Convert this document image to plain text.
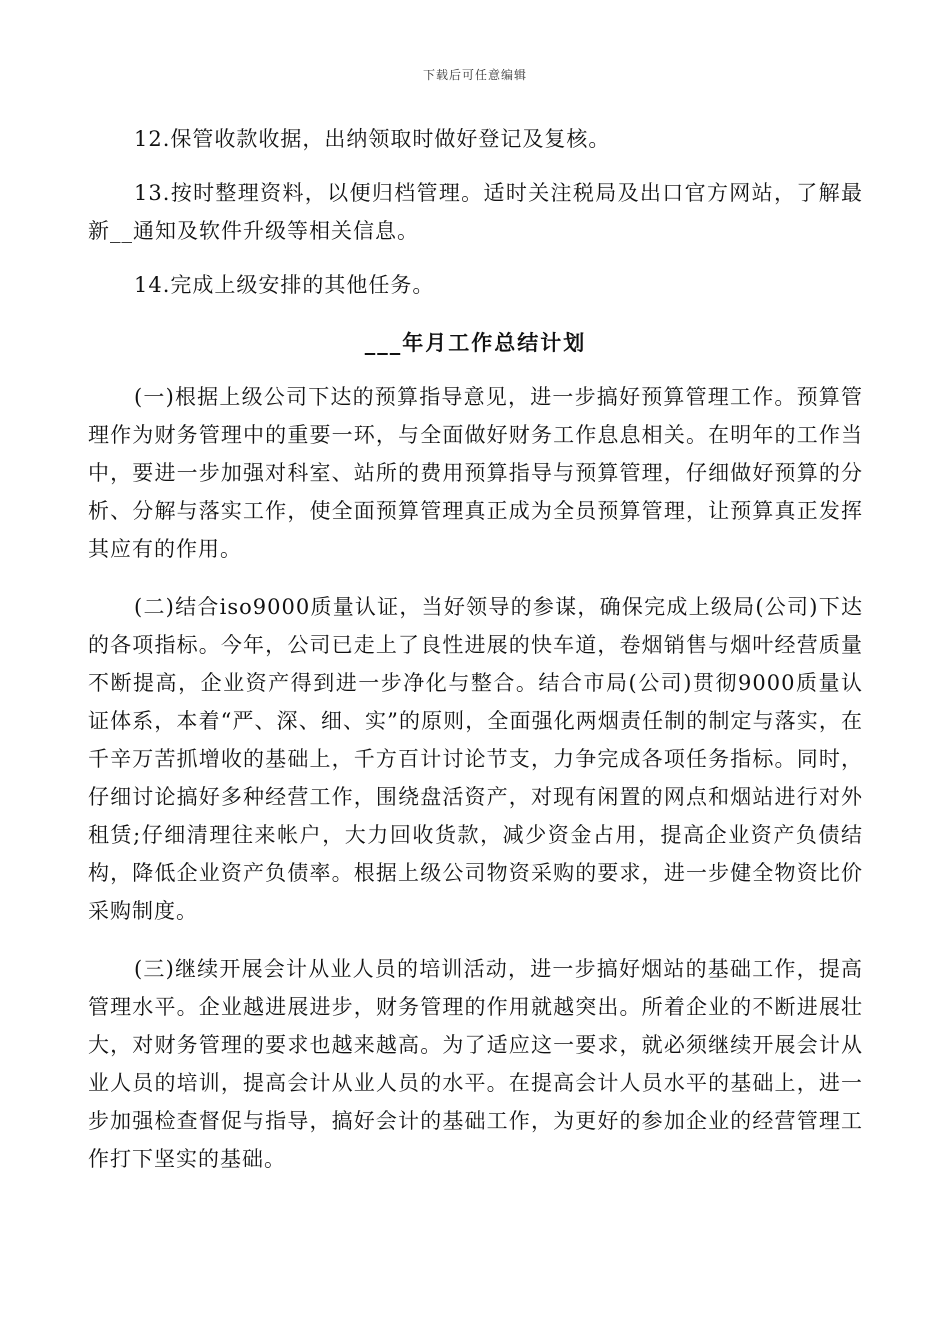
下载后可任意编辑

12.保管收款收据，出纳领取时做好登记及复核。

13.按时整理资料，以便归档管理。适时关注税局及出口官方网站，了解最新__通知及软件升级等相关信息。

14.完成上级安排的其他任务。

___年月工作总结计划

(一)根据上级公司下达的预算指导意见，进一步搞好预算管理工作。预算管理作为财务管理中的重要一环，与全面做好财务工作息息相关。在明年的工作当中，要进一步加强对科室、站所的费用预算指导与预算管理，仔细做好预算的分析、分解与落实工作，使全面预算管理真正成为全员预算管理，让预算真正发挥其应有的作用。

(二)结合iso9000质量认证，当好领导的参谋，确保完成上级局(公司)下达的各项指标。今年，公司已走上了良性进展的快车道，卷烟销售与烟叶经营质量不断提高，企业资产得到进一步净化与整合。结合市局(公司)贯彻9000质量认证体系，本着“严、深、细、实”的原则，全面强化两烟责任制的制定与落实，在千辛万苦抓增收的基础上，千方百计讨论节支，力争完成各项任务指标。同时，仔细讨论搞好多种经营工作，围绕盘活资产，对现有闲置的网点和烟站进行对外租赁;仔细清理往来帐户，大力回收货款，减少资金占用，提高企业资产负债结构，降低企业资产负债率。根据上级公司物资采购的要求，进一步健全物资比价采购制度。

(三)继续开展会计从业人员的培训活动，进一步搞好烟站的基础工作，提高管理水平。企业越进展进步，财务管理的作用就越突出。所着企业的不断进展壮大，对财务管理的要求也越来越高。为了适应这一要求，就必须继续开展会计从业人员的培训，提高会计从业人员的水平。在提高会计人员水平的基础上，进一步加强检查督促与指导，搞好会计的基础工作，为更好的参加企业的经营管理工作打下坚实的基础。
